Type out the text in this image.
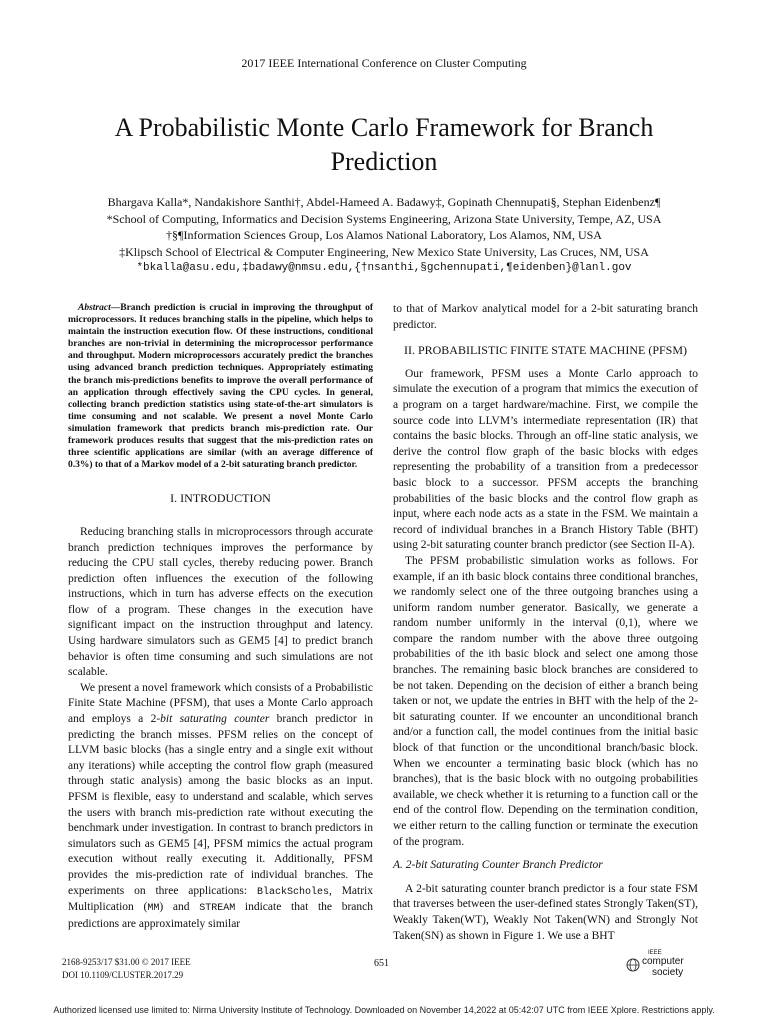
2017 IEEE International Conference on Cluster Computing
A Probabilistic Monte Carlo Framework for Branch Prediction
Bhargava Kalla*, Nandakishore Santhi†, Abdel-Hameed A. Badawy‡, Gopinath Chennupati§, Stephan Eidenbenz¶
*School of Computing, Informatics and Decision Systems Engineering, Arizona State University, Tempe, AZ, USA
†§¶Information Sciences Group, Los Alamos National Laboratory, Los Alamos, NM, USA
‡Klipsch School of Electrical & Computer Engineering, New Mexico State University, Las Cruces, NM, USA
*bkalla@asu.edu,‡badawy@nmsu.edu,{†nsanthi,§gchennupati,¶eidenben}@lanl.gov
Abstract—Branch prediction is crucial in improving the throughput of microprocessors. It reduces branching stalls in the pipeline, which helps to maintain the instruction execution flow. Of these instructions, conditional branches are non-trivial in determining the microprocessor performance and throughput. Modern microprocessors accurately predict the branches using advanced branch prediction techniques. Appropriately estimating the branch mis-predictions benefits to improve the overall performance of an application through effectively saving the CPU cycles. In general, collecting branch prediction statistics using state-of-the-art simulators is time consuming and not scalable. We present a novel Monte Carlo simulation framework that predicts branch mis-prediction rate. Our framework produces results that suggest that the mis-prediction rates on three scientific applications are similar (with an average difference of 0.3%) to that of a Markov model of a 2-bit saturating branch predictor.
I. INTRODUCTION

Reducing branching stalls in microprocessors through accurate branch prediction techniques improves the performance by reducing the CPU stall cycles, thereby reducing power. Branch prediction often influences the execution of the following instructions, which in turn has adverse effects on the execution flow of a program. These changes in the execution have significant impact on the instruction throughput and latency. Using hardware simulators such as GEM5 [4] to predict branch behavior is often time consuming and such simulations are not scalable.

We present a novel framework which consists of a Probabilistic Finite State Machine (PFSM), that uses a Monte Carlo approach and employs a 2-bit saturating counter branch predictor in predicting the branch misses. PFSM relies on the concept of LLVM basic blocks (has a single entry and a single exit without any iterations) while accepting the control flow graph (measured through static analysis) among the basic blocks as an input. PFSM is flexible, easy to understand and scalable, which serves the users with branch mis-prediction rate without executing the benchmark under investigation. In contrast to branch predictors in simulators such as GEM5 [4], PFSM mimics the actual program execution without really executing it. Additionally, PFSM provides the mis-prediction rate of individual branches. The experiments on three applications: BlackScholes, Matrix Multiplication (MM) and STREAM indicate that the branch predictions are approximately similar

to that of Markov analytical model for a 2-bit saturating branch predictor.

II. PROBABILISTIC FINITE STATE MACHINE (PFSM)

Our framework, PFSM uses a Monte Carlo approach to simulate the execution of a program that mimics the execution of a program on a target hardware/machine. First, we compile the source code into LLVM’s intermediate representation (IR) that contains the basic blocks. Through an off-line static analysis, we derive the control flow graph of the basic blocks with edges representing the probability of a transition from a predecessor basic block to a successor. PFSM accepts the branching probabilities of the basic blocks and the control flow graph as input, where each node acts as a state in the FSM. We maintain a record of individual branches in a Branch History Table (BHT) using 2-bit saturating counter branch predictor (see Section II-A).

The PFSM probabilistic simulation works as follows. For example, if an ith basic block contains three conditional branches, we randomly select one of the three outgoing branches using a uniform random number generator. Basically, we generate a random number uniformly in the interval (0,1), where we compare the random number with the above three outgoing probabilities of the ith basic block and select one among those branches. The remaining basic block branches are considered to be not taken. Depending on the decision of either a branch being taken or not, we update the entries in BHT with the help of the 2-bit saturating counter. If we encounter an unconditional branch and/or a function call, the model continues from the initial basic block of that function or the unconditional branch/basic block. When we encounter a terminating basic block (which has no branches), that is the basic block with no outgoing probabilities available, we check whether it is returning to a function call or the end of the control flow. Depending on the termination condition, we either return to the calling function or terminate the execution of the program.

A. 2-bit Saturating Counter Branch Predictor

A 2-bit saturating counter branch predictor is a four state FSM that traverses between the user-defined states Strongly Taken(ST), Weakly Taken(WT), Weakly Not Taken(WN) and Strongly Not Taken(SN) as shown in Figure 1. We use a BHT

2168-9253/17 $31.00 © 2017 IEEE
DOI 10.1109/CLUSTER.2017.29
651
IEEE
computer
society
Authorized licensed use limited to: Nirma University Institute of Technology. Downloaded on November 14,2022 at 05:42:07 UTC from IEEE Xplore. Restrictions apply.
